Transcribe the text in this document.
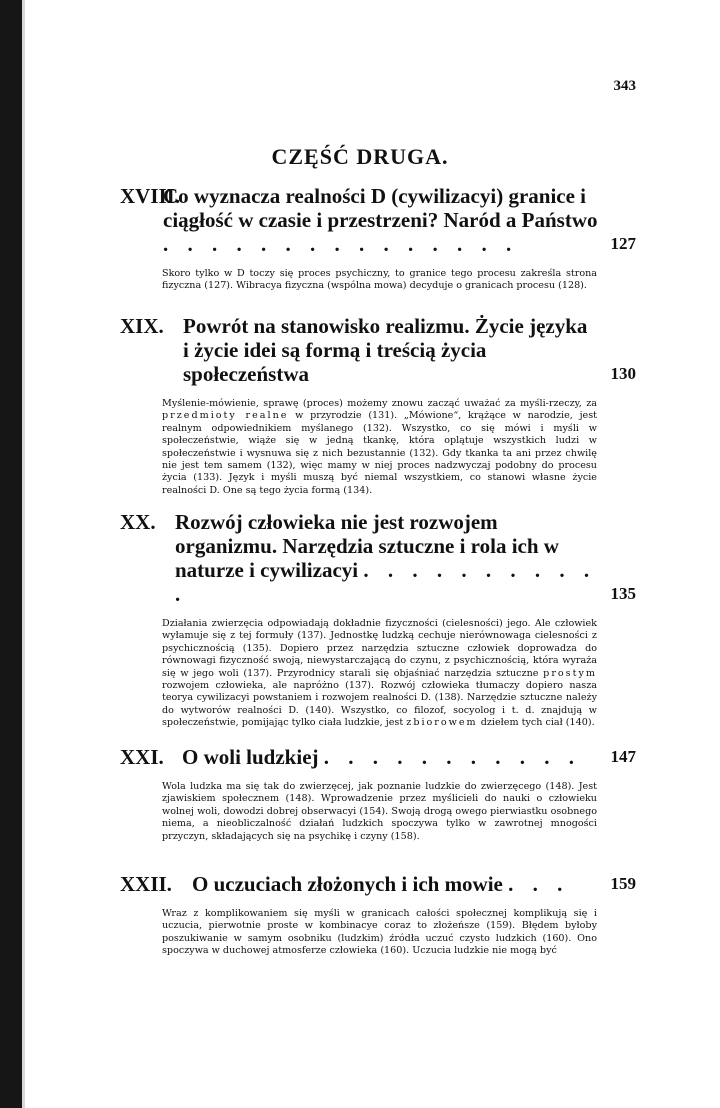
343
CZĘŚĆ DRUGA.
XVIII.
Co wyznacza realności D (cywilizacyi) granice i ciągłość w czasie i przestrzeni? Naród a Państwo . . . . . . . . . . . . . . .	127
Skoro tylko w D toczy się proces psychiczny, to granice tego procesu zakreśla strona fizyczna (127). Wibracya fizyczna (wspólna mowa) decyduje o granicach procesu (128).
XIX. Powrót na stanowisko realizmu. Życie języka i życie idei są formą i treścią życia społeczeństwa	130
Myślenie-mówienie, sprawę (proces) możemy znowu zacząć uważać za myśli-rzeczy, za przedmioty realne w przyrodzie (131). „Mówione“, krążące w narodzie, jest realnym odpowiednikiem myślanego (132). Wszystko, co się mówi i myśli w społeczeństwie, wiąże się w jedną tkankę, która oplątuje wszystkich ludzi w społeczeństwie i wysnuwa się z nich bezustannie (132). Gdy tkanka ta ani przez chwilę nie jest tem samem (132), więc mamy w niej proces nadzwyczaj podobny do procesu życia (133). Język i myśli muszą być niemal wszystkiem, co stanowi własne życie realności D. One są tego życia formą (134).
XX. Rozwój człowieka nie jest rozwojem organizmu. Narzędzia sztuczne i rola ich w naturze i cywilizacyi . . . . . . . . . . .	135
Działania zwierzęcia odpowiadają dokładnie fizyczności (cielesności) jego. Ale człowiek wyłamuje się z tej formuły (137). Jednostkę ludzką cechuje nierównowaga cielesności z psychicznością (135). Dopiero przez narzędzia sztuczne człowiek doprowadza do równowagi fizyczność swoją, niewystarczającą do czynu, z psychicznością, która wyraża się w jego woli (137). Przyrodnicy starali się objaśniać narzędzia sztuczne prostym rozwojem człowieka, ale napróżno (137). Rozwój człowieka tłumaczy dopiero nasza teorya cywilizacyi powstaniem i rozwojem realności D. (138). Narzędzie sztuczne należy do wytworów realności D. (140). Wszystko, co filozof, socyolog i t. d. znajdują w społeczeństwie, pomijając tylko ciała ludzkie, jest zbiorowem dziełem tych ciał (140).
XXI. O woli ludzkiej . . . . . . . . . . .	147
Wola ludzka ma się tak do zwierzęcej, jak poznanie ludzkie do zwierzęcego (148). Jest zjawiskiem społecznem (148). Wprowadzenie przez myślicieli do nauki o człowieku wolnej woli, dowodzi dobrej obserwacyi (154). Swoją drogą owego pierwiastku osobnego niema, a nieobliczalność działań ludzkich spoczywa tylko w zawrotnej mnogości przyczyn, składających się na psychikę i czyny (158).
XXII. O uczuciach złożonych i ich mowie . . .	159
Wraz z komplikowaniem się myśli w granicach całości społecznej komplikują się i uczucia, pierwotnie proste w kombinacye coraz to złożeńsze (159). Błędem byłoby poszukiwanie w samym osobniku (ludzkim) źródła uczuć czysto ludzkich (160). Ono spoczywa w duchowej atmosferze człowieka (160). Uczucia ludzkie nie mogą być
